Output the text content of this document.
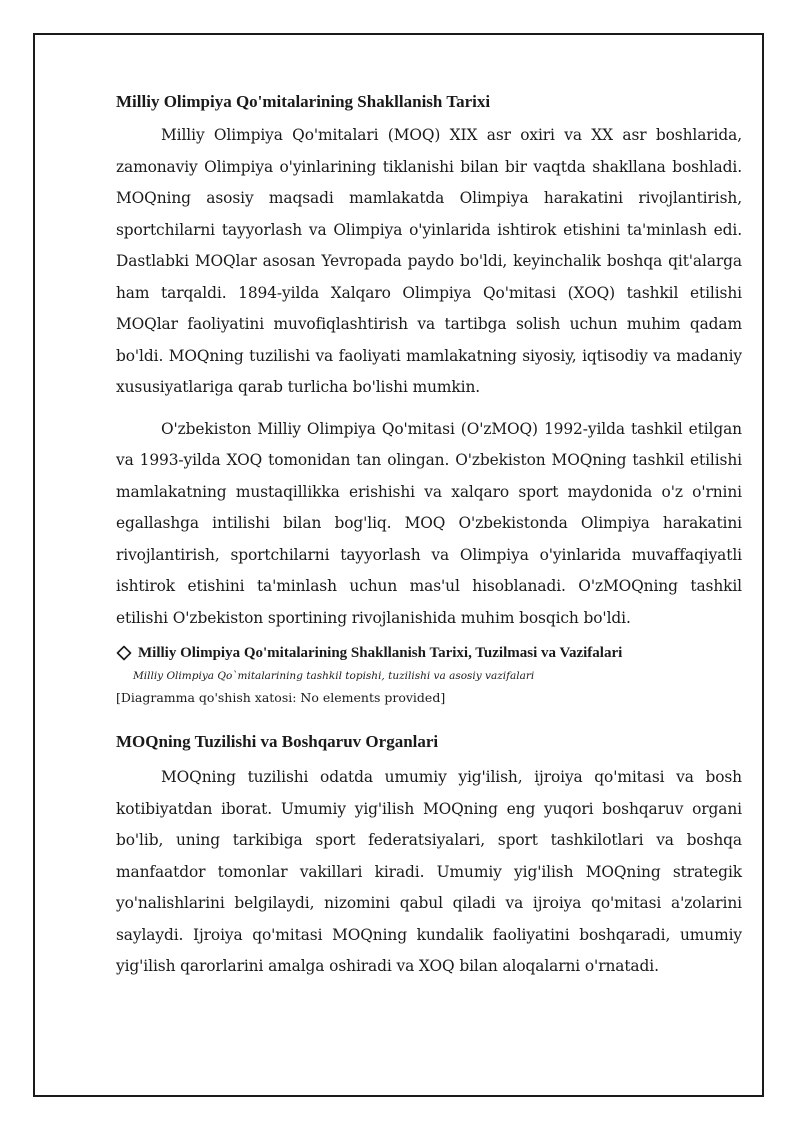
Milliy Olimpiya Qo'mitalarining Shakllanish Tarixi

Milliy Olimpiya Qo'mitalari (MOQ) XIX asr oxiri va XX asr boshlarida, zamonaviy Olimpiya o'yinlarining tiklanishi bilan bir vaqtda shakllana boshladi. MOQning asosiy maqsadi mamlakatda Olimpiya harakatini rivojlantirish, sportchilarni tayyorlash va Olimpiya o'yinlarida ishtirok etishini ta'minlash edi. Dastlabki MOQlar asosan Yevropada paydo bo'ldi, keyinchalik boshqa qit'alarga ham tarqaldi. 1894-yilda Xalqaro Olimpiya Qo'mitasi (XOQ) tashkil etilishi MOQlar faoliyatini muvofiqlashtirish va tartibga solish uchun muhim qadam bo'ldi. MOQning tuzilishi va faoliyati mamlakatning siyosiy, iqtisodiy va madaniy xususiyatlariga qarab turlicha bo'lishi mumkin.

O'zbekiston Milliy Olimpiya Qo'mitasi (O'zMOQ) 1992-yilda tashkil etilgan va 1993-yilda XOQ tomonidan tan olingan. O'zbekiston MOQning tashkil etilishi mamlakatning mustaqillikka erishishi va xalqaro sport maydonida o'z o'rnini egallashga intilishi bilan bog'liq. MOQ O'zbekistonda Olimpiya harakatini rivojlantirish, sportchilarni tayyorlash va Olimpiya o'yinlarida muvaffaqiyatli ishtirok etishini ta'minlash uchun mas'ul hisoblanadi. O'zMOQning tashkil etilishi O'zbekiston sportining rivojlanishida muhim bosqich bo'ldi.

Milliy Olimpiya Qo'mitalarining Shakllanish Tarixi, Tuzilmasi va Vazifalari
Milliy Olimpiya Qo`mitalarining tashkil topishi, tuzilishi va asosiy vazifalari
[Diagramma qo'shish xatosi: No elements provided]
MOQning Tuzilishi va Boshqaruv Organlari

MOQning tuzilishi odatda umumiy yig'ilish, ijroiya qo'mitasi va bosh kotibiyatdan iborat. Umumiy yig'ilish MOQning eng yuqori boshqaruv organi bo'lib, uning tarkibiga sport federatsiyalari, sport tashkilotlari va boshqa manfaatdor tomonlar vakillari kiradi. Umumiy yig'ilish MOQning strategik yo'nalishlarini belgilaydi, nizomini qabul qiladi va ijroiya qo'mitasi a'zolarini saylaydi. Ijroiya qo'mitasi MOQning kundalik faoliyatini boshqaradi, umumiy yig'ilish qarorlarini amalga oshiradi va XOQ bilan aloqalarni o'rnatadi.
